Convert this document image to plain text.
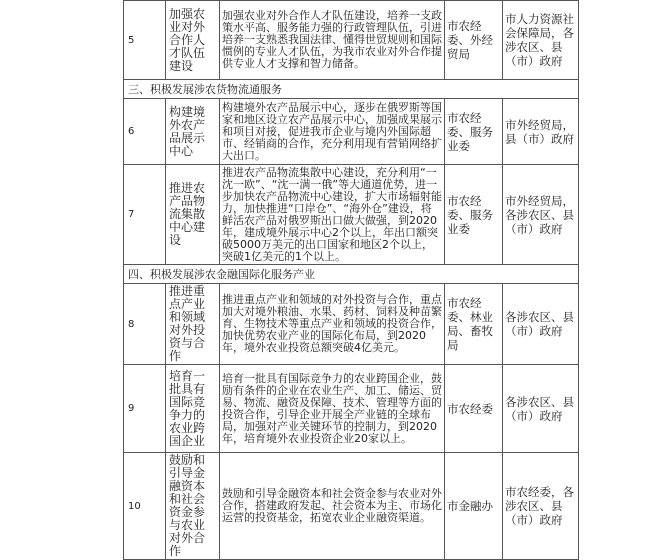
5	加强农业对外合作人才队伍建设	加强农业对外合作人才队伍建设，培养一支政策水平高、服务能力强的行政管理队伍，引进培养一支熟悉我国法律、懂得世贸规则和国际惯例的专业人才队伍，为我市农业对外合作提供专业人才支撑和智力储备。	市农经委、外经贸局	市人力资源社会保障局，各涉农区、县（市）政府
三、积极发展涉农货物流通服务				
6	构建境外农产品展示中心	构建境外农产品展示中心，逐步在俄罗斯等国家和地区设立农产品展示中心，加强成果展示和项目对接，促进我市企业与境内外国际超市、经销商的合作，充分利用现有营销网络扩大出口。	市农经委、服务业委	市外经贸局，县（市）政府
7	推进农产品物流集散中心建设	推进农产品物流集散中心建设，充分利用“一沈一欧”、“沈一满一俄”等大通道优势，进一步加快农产品物流中心建设，扩大市场辐射能力，加快推进“口岸仓”、“海外仓”建设，将鲜活农产品对俄罗斯出口做大做强，到2020年，建成境外展示中心2个以上，年出口额突破5000万美元的出口国家和地区2个以上，突破1亿美元的1个以上。	市农经委、服务业委	市外经贸局，各涉农区、县（市）政府
四、积极发展涉农金融国际化服务产业				
8	推进重点产业和领域对外投资与合作	推进重点产业和领域的对外投资与合作，重点加大对境外粮油、水果、药材、饲料及种苗繁育、生物技术等重点产业和领域的投资合作，加快优势农业产业的国际化布局，到2020年，境外农业投资总额突破4亿美元。	市农经委、林业局、畜牧局	各涉农区、县（市）政府
9	培育一批具有国际竞争力的农业跨国企业	培育一批具有国际竞争力的农业跨国企业，鼓励有条件的企业在农业生产、加工、储运、贸易、物流、融资及保障、技术、管理等方面的投资合作，引导企业开展全产业链的全球布局，加强对产业关键环节的控制力，到2020年，培育境外农业投资企业20家以上。	市农经委	各涉农区、县（市）政府
10	鼓励和引导金融资本和社会资金参与农业对外合作	鼓励和引导金融资本和社会资金参与农业对外合作，搭建政府发起、社会资本为主、市场化运营的投资基金，拓宽农业企业融资渠道。	市金融办	市农经委，各涉农区、县（市）政府
